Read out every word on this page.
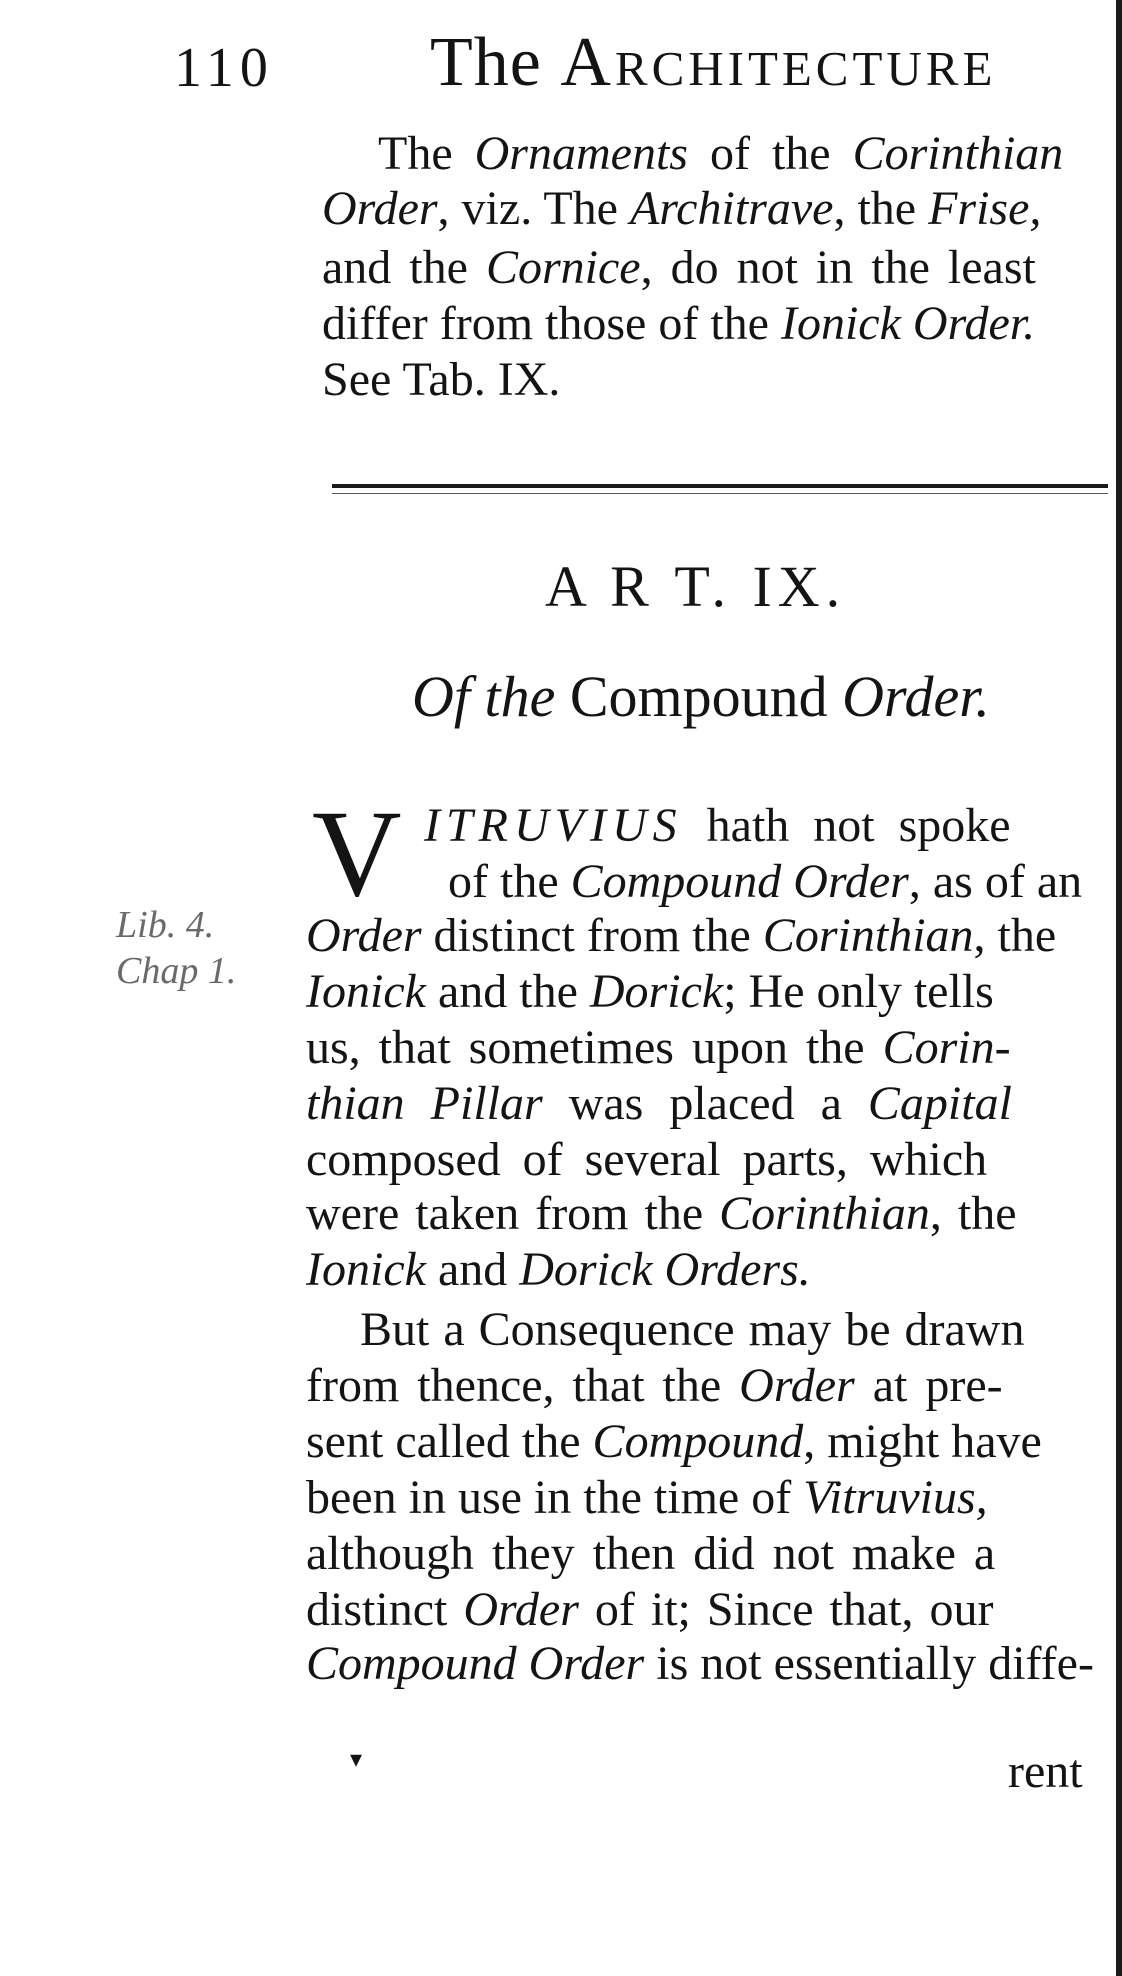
110 The Architecture
The Ornaments of the Corinthian
Order, viz. The Architrave, the Frise,
and the Cornice, do not in the least
differ from those of the Ionick Order.
See Tab. IX.
A R T. IX.
Of the Compound Order.
V ITRUVIUS hath not spoke
of the Compound Order, as of an
Order distinct from the Corinthian, the
Ionick and the Dorick; He only tells
us, that sometimes upon the Corin-
thian Pillar was placed a Capital
composed of several parts, which
were taken from the Corinthian, the
Ionick and Dorick Orders.
Lib. 4.
Chap 1.
But a Consequence may be drawn
from thence, that the Order at pre-
sent called the Compound, might have
been in use in the time of Vitruvius,
although they then did not make a
distinct Order of it; Since that, our
Compound Order is not essentially diffe-
▾	rent
